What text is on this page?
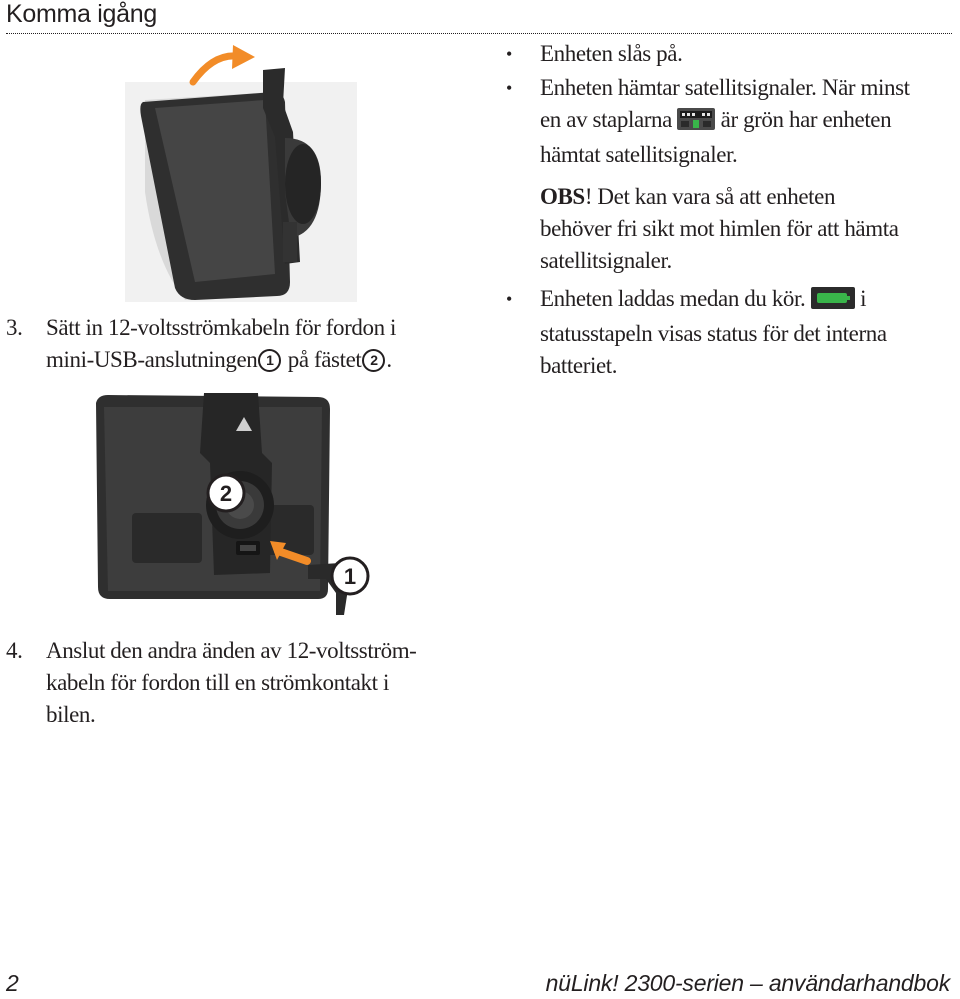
Komma igång
3. Sätt in 12-voltsströmkabeln för fordon i
mini-USB-anslutningen 1 på fästet 2 .
2
1
4. Anslut den andra änden av 12-voltsström-
kabeln för fordon till en strömkontakt i
bilen.
• Enheten slås på.
• Enheten hämtar satellitsignaler. När minst
en av staplarna är grön har enheten
hämtat satellitsignaler.
OBS! Det kan vara så att enheten
behöver fri sikt mot himlen för att hämta
satellitsignaler.
• Enheten laddas medan du kör. i
statusstapeln visas status för det interna
batteriet.
2	nüLink! 2300-serien – användarhandbok
